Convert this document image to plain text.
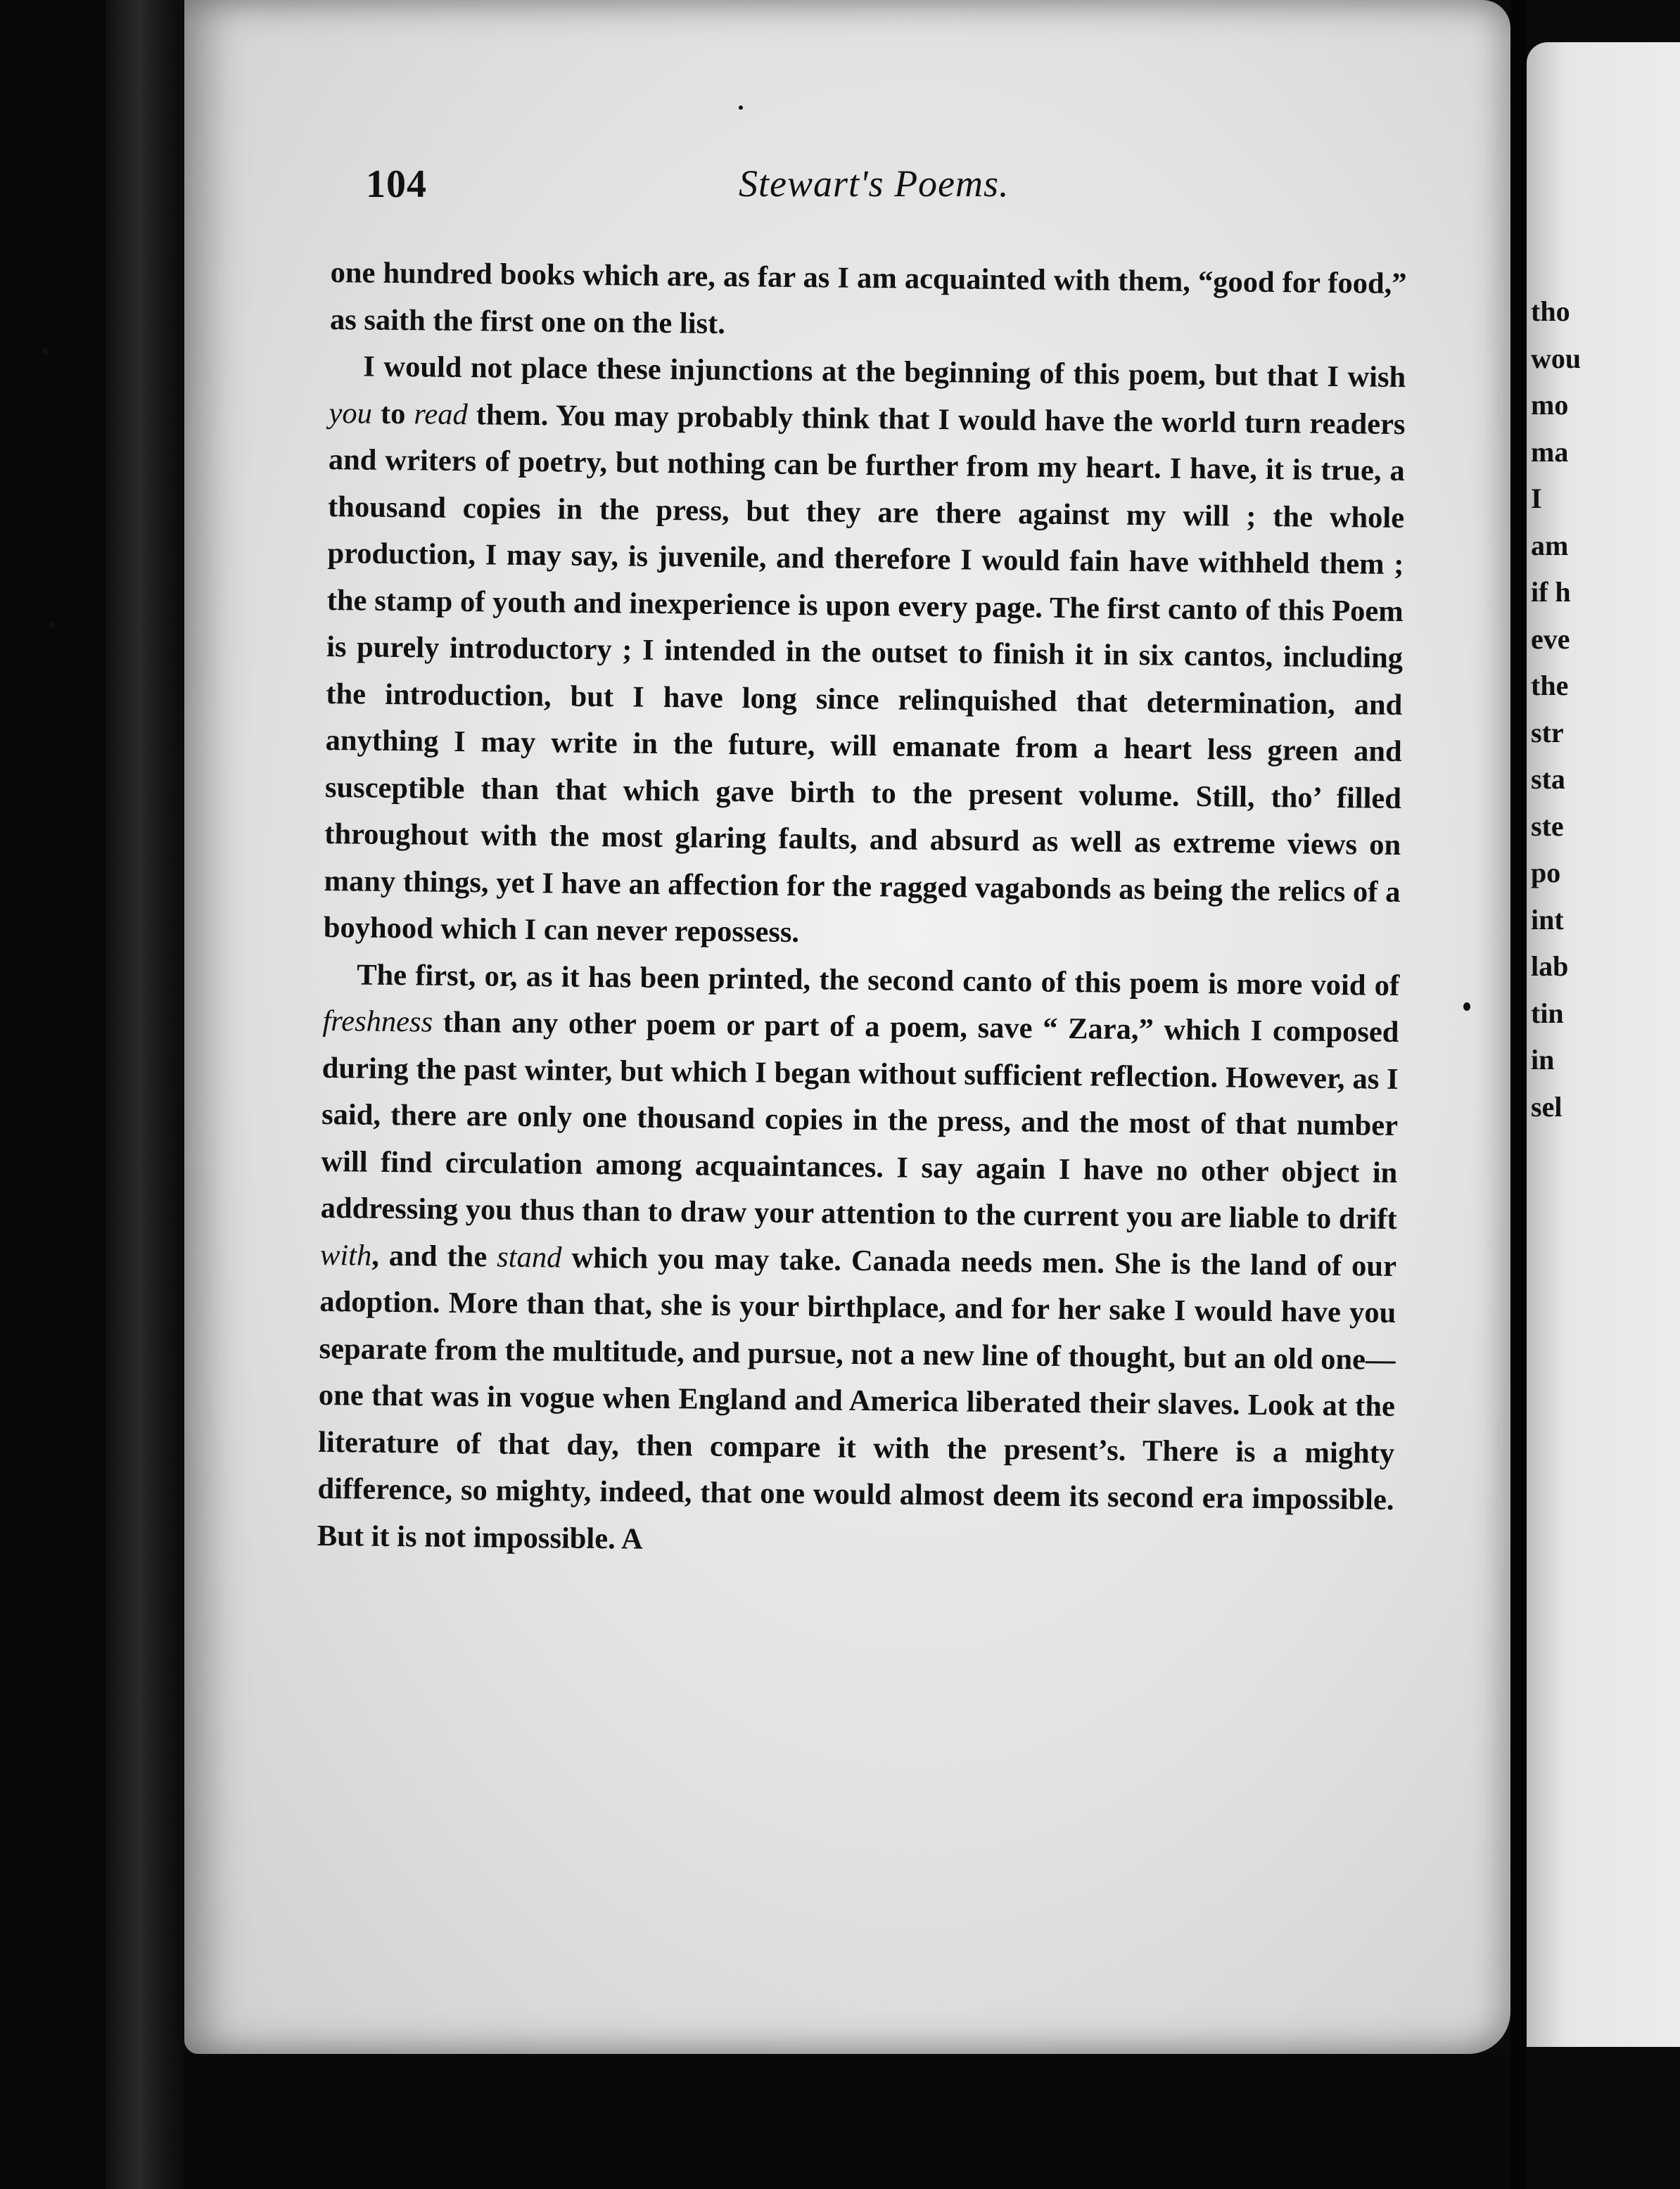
104	Stewart's Poems.

one hundred books which are, as far as I am acquainted with them, “good for food,” as saith the first one on the list.

I would not place these injunctions at the beginning of this poem, but that I wish you to read them. You may probably think that I would have the world turn readers and writers of poetry, but nothing can be further from my heart. I have, it is true, a thousand copies in the press, but they are there against my will ; the whole production, I may say, is juvenile, and therefore I would fain have withheld them ; the stamp of youth and inexperience is upon every page. The first canto of this Poem is purely introductory ; I intended in the outset to finish it in six cantos, including the introduction, but I have long since relinquished that determination, and anything I may write in the future, will emanate from a heart less green and susceptible than that which gave birth to the present volume. Still, tho’ filled throughout with the most glaring faults, and absurd as well as extreme views on many things, yet I have an affection for the ragged vagabonds as being the relics of a boyhood which I can never repossess.

The first, or, as it has been printed, the second canto of this poem is more void of freshness than any other poem or part of a poem, save “ Zara,” which I composed during the past winter, but which I began without sufficient reflection. However, as I said, there are only one thousand copies in the press, and the most of that number will find circulation among acquaintances. I say again I have no other object in addressing you thus than to draw your attention to the current you are liable to drift with, and the stand which you may take. Canada needs men. She is the land of our adoption. More than that, she is your birthplace, and for her sake I would have you separate from the multitude, and pursue, not a new line of thought, but an old one—one that was in vogue when England and America liberated their slaves. Look at the literature of that day, then compare it with the present’s. There is a mighty difference, so mighty, indeed, that one would almost deem its second era impossible. But it is not impossible. A

tho
wou
mo
ma
I
am
if h
eve
the
str
sta
ste
po
int
lab
tin
in
sel
